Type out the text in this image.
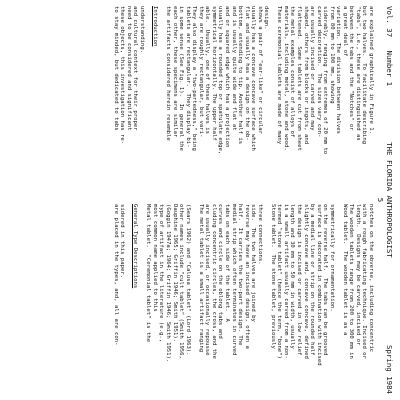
Vol. 37   Number 1
THE FLORIDA ANTHROPOLOGIST
Spring 1984
5
are explained graphically in Figure 1.
but two halves.  To facilitate describing
"tabs", i.e., these are distinguished as
between the tabs and the "Notches" or
a great deal of
variation. The division between halves
from 80 mm to 100 mm, showing
siderably, ranging from extremes of 20 mm to
carved decoration.  The sizes vary con-
are usually incised or carved and may
shaped, others from blocks or ingots, and
flattened.  Some tablets are cut from sheet
the metal examples consist of alloys of
materials, including metal, stone and wood.
These ceremonial tablets are made of many
design.
shows a pair of "ear-like" or circular
usually has a concave concave surface which
flat and usually has a design on the ob-
bottom, extending to tip. Another half is
and is usually quite wide and flat at
and or squared edge which has a projection
usually has a rounded top or spatulate edge,
symmetrical horizontally. The upper half
able.  Usually, one of these halves is
they are roughly rectangular, but vari-
They also display a "two-partedness," being
tablets are rectangular.  They display bi-
in some sense (See Fig. 1).  In general the
each other, these specimens are similar
the artifacts considered herein resemble
Introduction
understanding.
and cultural context for their proper
need to be considered and significant
these objects, this investigation has re-
to stay minded, but dedicated to tabs
notches on the obverse, including concentric
with a rough fabricating technique. Incised or
length.  Designs may be carved, incised or
The wooden tablets range from 200 to 300 mm in
Wood tablet.  The wooden tablet is as a
symmetrically for ornamentation.
on the reverse half.  The tabs can be grooved
surface is decorated in combination with incised
by a medial line or strip on the rounded half
slightly concave and, concave concave, defined
the design is incised or carved in low relief
length and 30 mm to 50 mm in width, usually
is a small artifact usually carved from a non-
termed "stone tablet" (hence the term, "bone")
Stone tablet.  The stone tablet, previously
three connections.
side.  The two halves are joined by
reverse may have an incised design, often a
half.  It carries the two-part design. The
medial strip which often terminates in curved
tabs on each side of the tablet.  A
curves and circle on the oblong tabs and
cluding concentric circles, the cross, and the
are usually incised, or occasionally repoussé
The metal tablet is a small artifact ranging
(Sears 1962) and "Calusa tablet" (Lord 1963).
other names include "cult tablet" (Smith 1956,
Dauphine 1965; Griffin 1946; Smith 1951).
(Goggin 1947a; 1964; Griffin 1946; Smith 1951).
type of artifact in the literature (e.g.,
most common name applied to this
Metal tablet.  "Ceremonial tablet" is the
General Type Descriptions
sidered in this paper.
are placed in the types, and, all are con-
